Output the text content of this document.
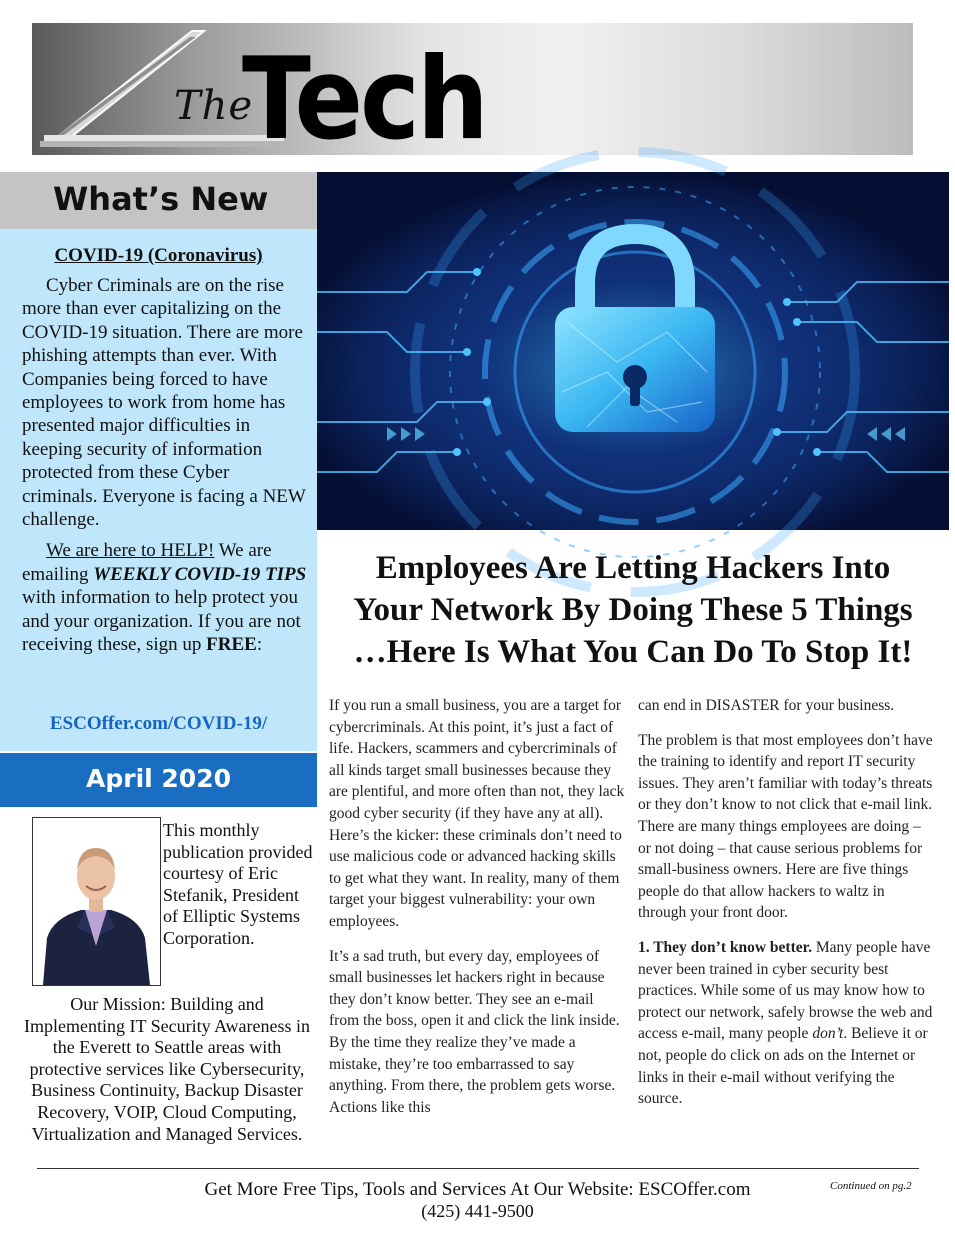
The
Tech
What’s New
COVID-19 (Coronavirus)

Cyber Criminals are on the rise more than ever capitalizing on the COVID-19 situation. There are more phishing attempts than ever. With Companies being forced to have employees to work from home has presented major difficulties in keeping security of information protected from these Cyber criminals. Everyone is facing a NEW challenge.

We are here to HELP! We are emailing WEEKLY COVID-19 TIPS with information to help protect you and your organization. If you are not receiving these, sign up FREE:

ESCOffer.com/COVID-19/
April 2020
This monthly publication provided courtesy of Eric Stefanik, President of Elliptic Systems Corporation.
Our Mission: Building and Implementing IT Security Awareness in the Everett to Seattle areas with protective services like Cybersecurity, Business Continuity, Backup Disaster Recovery, VOIP, Cloud Computing, Virtualization and Managed Services.
Employees Are Letting Hackers Into
Your Network By Doing These 5 Things
…Here Is What You Can Do To Stop It!

If you run a small business, you are a target for cybercriminals. At this point, it’s just a fact of life. Hackers, scammers and cybercriminals of all kinds target small businesses because they are plentiful, and more often than not, they lack good cyber security (if they have any at all). Here’s the kicker: these criminals don’t need to use malicious code or advanced hacking skills to get what they want. In reality, many of them target your biggest vulnerability: your own employees.

It’s a sad truth, but every day, employees of small businesses let hackers right in because they don’t know better. They see an e-mail from the boss, open it and click the link inside. By the time they realize they’ve made a mistake, they’re too embarrassed to say anything. From there, the problem gets worse. Actions like this

can end in DISASTER for your business.

The problem is that most employees don’t have the training to identify and report IT security issues. They aren’t familiar with today’s threats or they don’t know to not click that e-mail link. There are many things employees are doing – or not doing – that cause serious problems for small-business owners. Here are five things people do that allow hackers to waltz in through your front door.

1. They don’t know better. Many people have never been trained in cyber security best practices. While some of us may know how to protect our network, safely browse the web and access e-mail, many people don’t. Believe it or not, people do click on ads on the Internet or links in their e-mail without verifying the source.

Get More Free Tips, Tools and Services At Our Website: ESCOffer.com
(425) 441-9500
Continued on pg.2
